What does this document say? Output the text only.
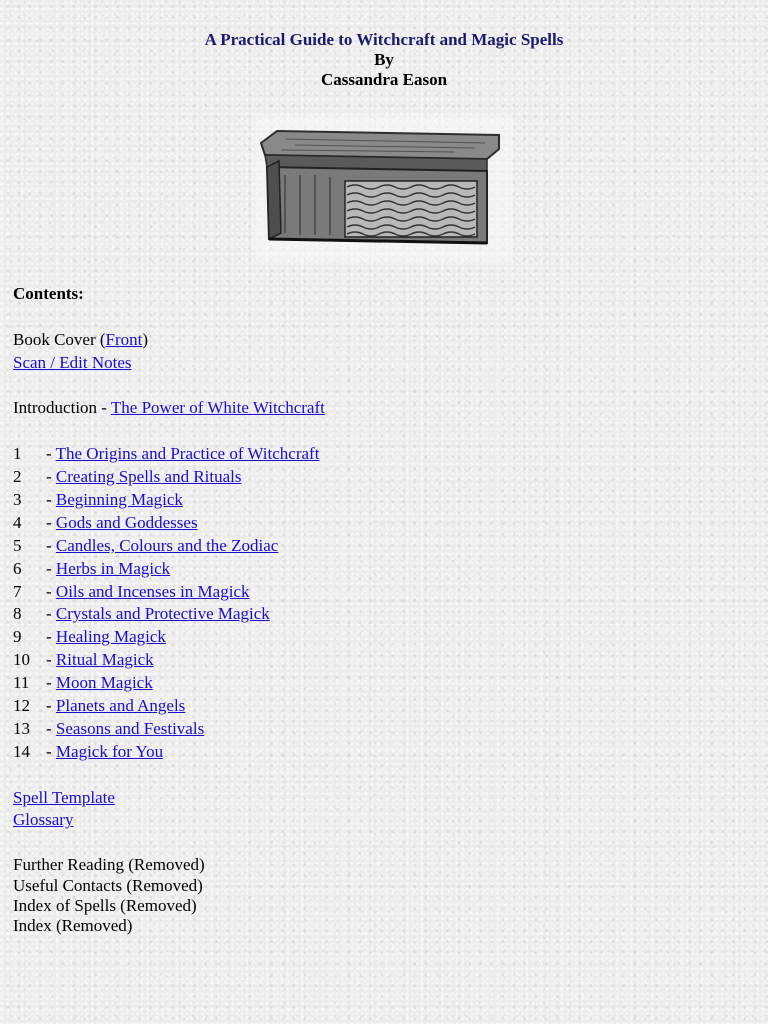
A Practical Guide to Witchcraft and Magic Spells
By
Cassandra Eason
Contents:
Book Cover (Front)
Scan / Edit Notes
Introduction - The Power of White Witchcraft
1 - The Origins and Practice of Witchcraft
2 - Creating Spells and Rituals
3 - Beginning Magick
4 - Gods and Goddesses
5 - Candles, Colours and the Zodiac
6 - Herbs in Magick
7 - Oils and Incenses in Magick
8 - Crystals and Protective Magick
9 - Healing Magick
10 - Ritual Magick
11 - Moon Magick
12 - Planets and Angels
13 - Seasons and Festivals
14 - Magick for You
Spell Template
Glossary
Further Reading (Removed)
Useful Contacts (Removed)
Index of Spells (Removed)
Index (Removed)
